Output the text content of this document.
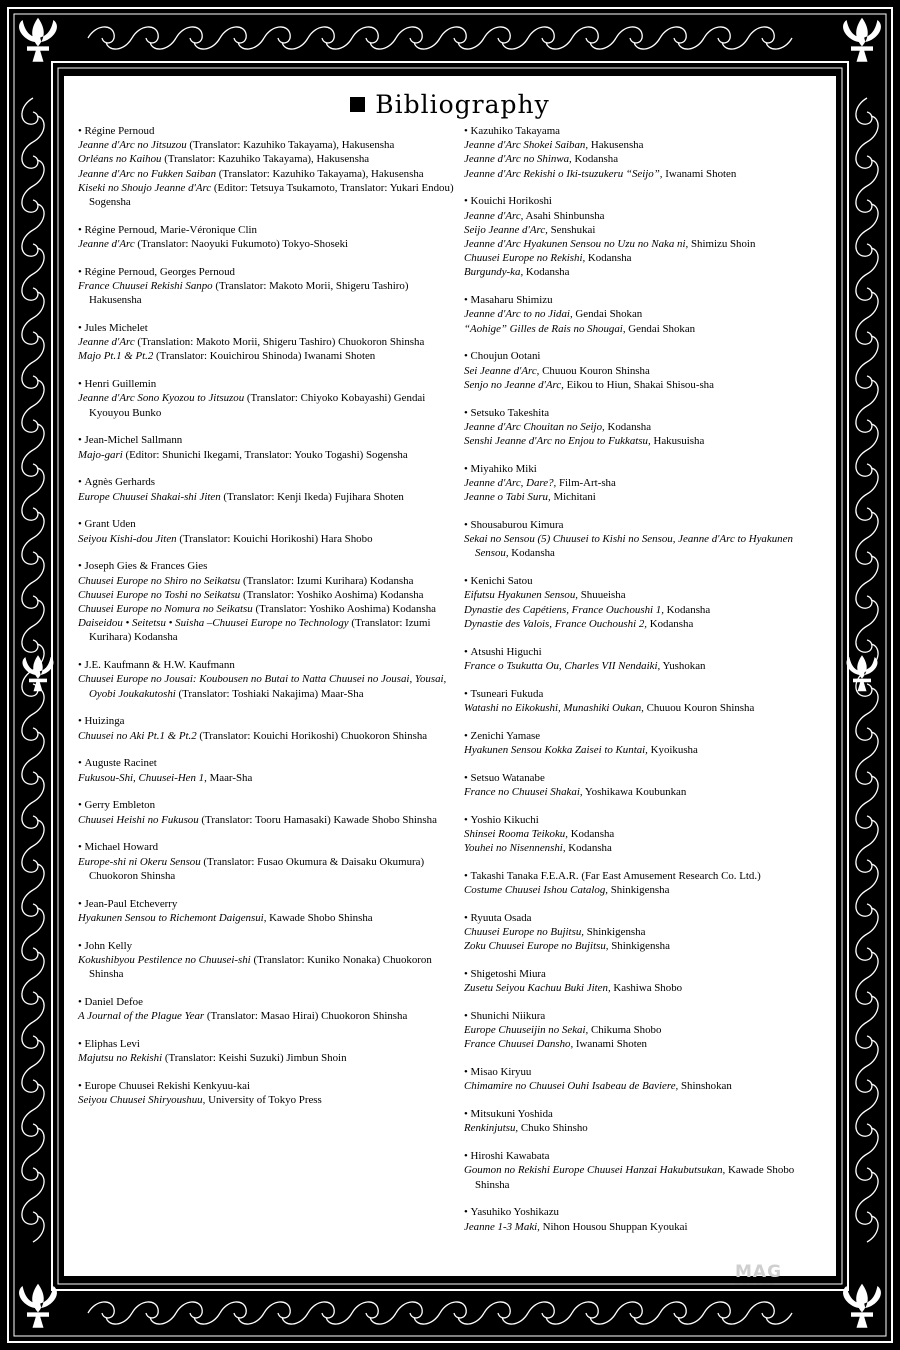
Bibliography
• Régine Pernoud
Jeanne d'Arc no Jitsuzou (Translator: Kazuhiko Takayama), Hakusensha
Orléans no Kaihou (Translator: Kazuhiko Takayama), Hakusensha
Jeanne d'Arc no Fukken Saiban (Translator: Kazuhiko Takayama), Hakusensha
Kiseki no Shoujo Jeanne d'Arc (Editor: Tetsuya Tsukamoto, Translator: Yukari Endou) Sogensha
• Régine Pernoud, Marie-Véronique Clin
Jeanne d'Arc (Translator: Naoyuki Fukumoto) Tokyo-Shoseki
• Régine Pernoud, Georges Pernoud
France Chuusei Rekishi Sanpo (Translator: Makoto Morii, Shigeru Tashiro) Hakusensha
• Jules Michelet
Jeanne d'Arc (Translation: Makoto Morii, Shigeru Tashiro) Chuokoron Shinsha
Majo Pt.1 & Pt.2 (Translator: Kouichirou Shinoda) Iwanami Shoten
• Henri Guillemin
Jeanne d'Arc Sono Kyozou to Jitsuzou (Translator: Chiyoko Kobayashi) Gendai Kyouyou Bunko
• Jean-Michel Sallmann
Majo-gari (Editor: Shunichi Ikegami, Translator: Youko Togashi) Sogensha
• Agnès Gerhards
Europe Chuusei Shakai-shi Jiten (Translator: Kenji Ikeda) Fujihara Shoten
• Grant Uden
Seiyou Kishi-dou Jiten (Translator: Kouichi Horikoshi) Hara Shobo
• Joseph Gies & Frances Gies
Chuusei Europe no Shiro no Seikatsu (Translator: Izumi Kurihara) Kodansha
Chuusei Europe no Toshi no Seikatsu (Translator: Yoshiko Aoshima) Kodansha
Chuusei Europe no Nomura no Seikatsu (Translator: Yoshiko Aoshima) Kodansha
Daiseidou • Seitetsu • Suisha –Chuusei Europe no Technology (Translator: Izumi Kurihara) Kodansha
• J.E. Kaufmann & H.W. Kaufmann
Chuusei Europe no Jousai: Koubousen no Butai to Natta Chuusei no Jousai, Yousai, Oyobi Joukakutoshi (Translator: Toshiaki Nakajima) Maar-Sha
• Huizinga
Chuusei no Aki Pt.1 & Pt.2 (Translator: Kouichi Horikoshi) Chuokoron Shinsha
• Auguste Racinet
Fukusou-Shi, Chuusei-Hen 1, Maar-Sha
• Gerry Embleton
Chuusei Heishi no Fukusou (Translator: Tooru Hamasaki) Kawade Shobo Shinsha
• Michael Howard
Europe-shi ni Okeru Sensou (Translator: Fusao Okumura & Daisaku Okumura) Chuokoron Shinsha
• Jean-Paul Etcheverry
Hyakunen Sensou to Richemont Daigensui, Kawade Shobo Shinsha
• John Kelly
Kokushibyou Pestilence no Chuusei-shi (Translator: Kuniko Nonaka) Chuokoron Shinsha
• Daniel Defoe
A Journal of the Plague Year (Translator: Masao Hirai) Chuokoron Shinsha
• Eliphas Levi
Majutsu no Rekishi (Translator: Keishi Suzuki) Jimbun Shoin
• Europe Chuusei Rekishi Kenkyuu-kai
Seiyou Chuusei Shiryoushuu, University of Tokyo Press
• Kazuhiko Takayama
Jeanne d'Arc Shokei Saiban, Hakusensha
Jeanne d'Arc no Shinwa, Kodansha
Jeanne d'Arc Rekishi o Iki-tsuzukeru “Seijo”, Iwanami Shoten
• Kouichi Horikoshi
Jeanne d'Arc, Asahi Shinbunsha
Seijo Jeanne d'Arc, Senshukai
Jeanne d'Arc Hyakunen Sensou no Uzu no Naka ni, Shimizu Shoin
Chuusei Europe no Rekishi, Kodansha
Burgundy-ka, Kodansha
• Masaharu Shimizu
Jeanne d'Arc to no Jidai, Gendai Shokan
“Aohige” Gilles de Rais no Shougai, Gendai Shokan
• Choujun Ootani
Sei Jeanne d'Arc, Chuuou Kouron Shinsha
Senjo no Jeanne d'Arc, Eikou to Hiun, Shakai Shisou-sha
• Setsuko Takeshita
Jeanne d'Arc Chouitan no Seijo, Kodansha
Senshi Jeanne d'Arc no Enjou to Fukkatsu, Hakusuisha
• Miyahiko Miki
Jeanne d'Arc, Dare?, Film-Art-sha
Jeanne o Tabi Suru, Michitani
• Shousaburou Kimura
Sekai no Sensou (5) Chuusei to Kishi no Sensou, Jeanne d'Arc to Hyakunen Sensou, Kodansha
• Kenichi Satou
Eifutsu Hyakunen Sensou, Shuueisha
Dynastie des Capétiens, France Ouchoushi 1, Kodansha
Dynastie des Valois, France Ouchoushi 2, Kodansha
• Atsushi Higuchi
France o Tsukutta Ou, Charles VII Nendaiki, Yushokan
• Tsuneari Fukuda
Watashi no Eikokushi, Munashiki Oukan, Chuuou Kouron Shinsha
• Zenichi Yamase
Hyakunen Sensou Kokka Zaisei to Kuntai, Kyoikusha
• Setsuo Watanabe
France no Chuusei Shakai, Yoshikawa Koubunkan
• Yoshio Kikuchi
Shinsei Rooma Teikoku, Kodansha
Youhei no Nisennenshi, Kodansha
• Takashi Tanaka F.E.A.R. (Far East Amusement Research Co. Ltd.)
Costume Chuusei Ishou Catalog, Shinkigensha
• Ryuuta Osada
Chuusei Europe no Bujitsu, Shinkigensha
Zoku Chuusei Europe no Bujitsu, Shinkigensha
• Shigetoshi Miura
Zusetu Seiyou Kachuu Buki Jiten, Kashiwa Shobo
• Shunichi Niikura
Europe Chuuseijin no Sekai, Chikuma Shobo
France Chuusei Dansho, Iwanami Shoten
• Misao Kiryuu
Chimamire no Chuusei Ouhi Isabeau de Baviere, Shinshokan
• Mitsukuni Yoshida
Renkinjutsu, Chuko Shinsho
• Hiroshi Kawabata
Goumon no Rekishi Europe Chuusei Hanzai Hakubutsukan, Kawade Shobo Shinsha
• Yasuhiko Yoshikazu
Jeanne 1-3 Maki, Nihon Housou Shuppan Kyoukai
MAG
──────
